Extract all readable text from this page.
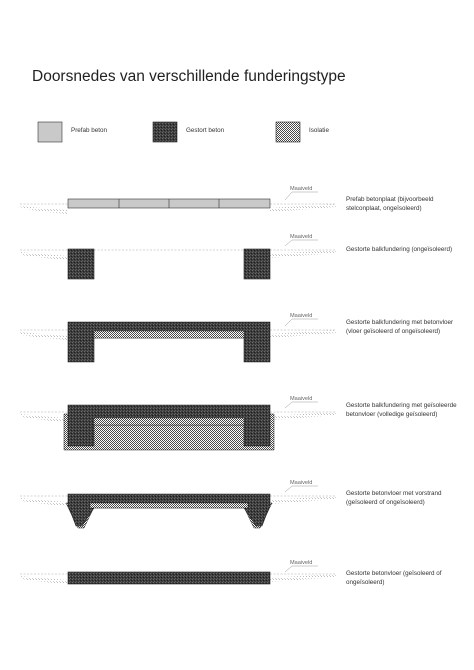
Doorsnedes van verschillende funderingstype
Maaiveld
Maaiveld
Maaiveld
Maaiveld
Maaiveld
Maaiveld
Prefab beton	Gestort beton	Isolatie
Prefab betonplaat (bijvoorbeeld stelconplaat, ongeïsoleerd)
Gestorte balkfundering (ongeïsoleerd)
Gestorte balkfundering met betonvloer (vloer geïsoleerd of ongeïsoleerd)
Gestorte balkfundering met geïsoleerde betonvloer (volledige geïsoleerd)
Gestorte betonvloer met vorstrand (geïsoleerd of ongeïsoleerd)
Gestorte betonvloer (geïsoleerd of ongeïsoleerd)
